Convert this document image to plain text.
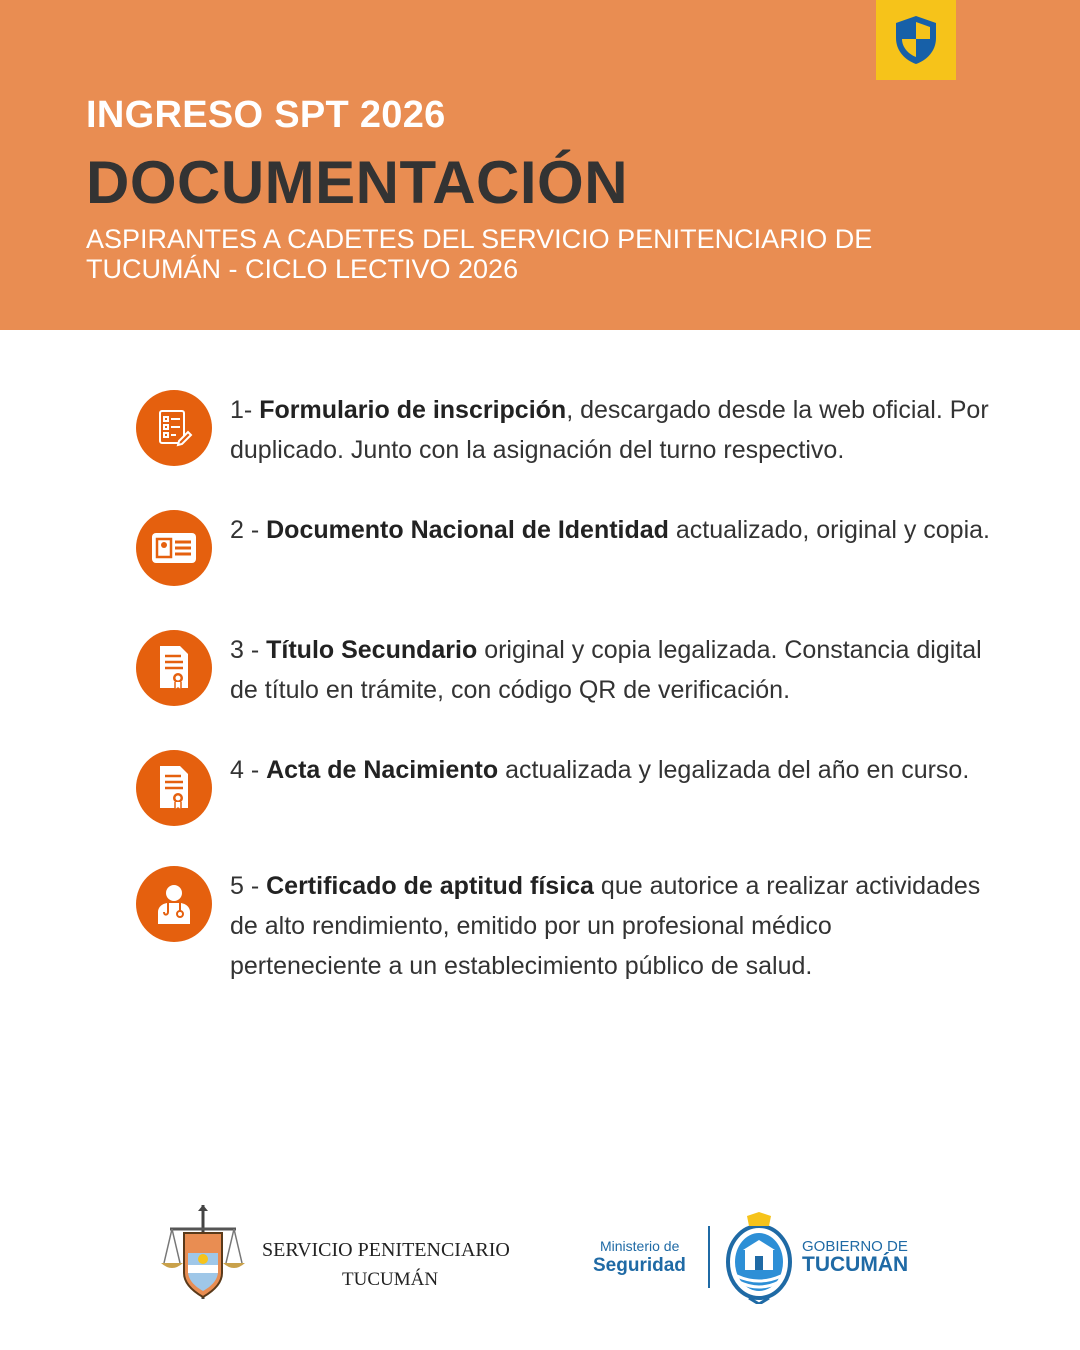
INGRESO SPT 2026
DOCUMENTACIÓN
ASPIRANTES A CADETES DEL SERVICIO PENITENCIARIO DE TUCUMÁN - CICLO LECTIVO 2026
1- Formulario de inscripción, descargado desde la web oficial. Por duplicado. Junto con la asignación del turno respectivo.
2 - Documento Nacional de Identidad actualizado, original y copia.
3 - Título Secundario original y copia legalizada. Constancia digital de título en trámite, con código QR de verificación.
4 - Acta de Nacimiento actualizada y legalizada del año en curso.
5 - Certificado de aptitud física que autorice a realizar actividades de alto rendimiento, emitido por un profesional médico perteneciente a un establecimiento público de salud.
SERVICIO PENITENCIARIO
TUCUMÁN
Ministerio de
Seguridad
GOBIERNO DE
TUCUMÁN
